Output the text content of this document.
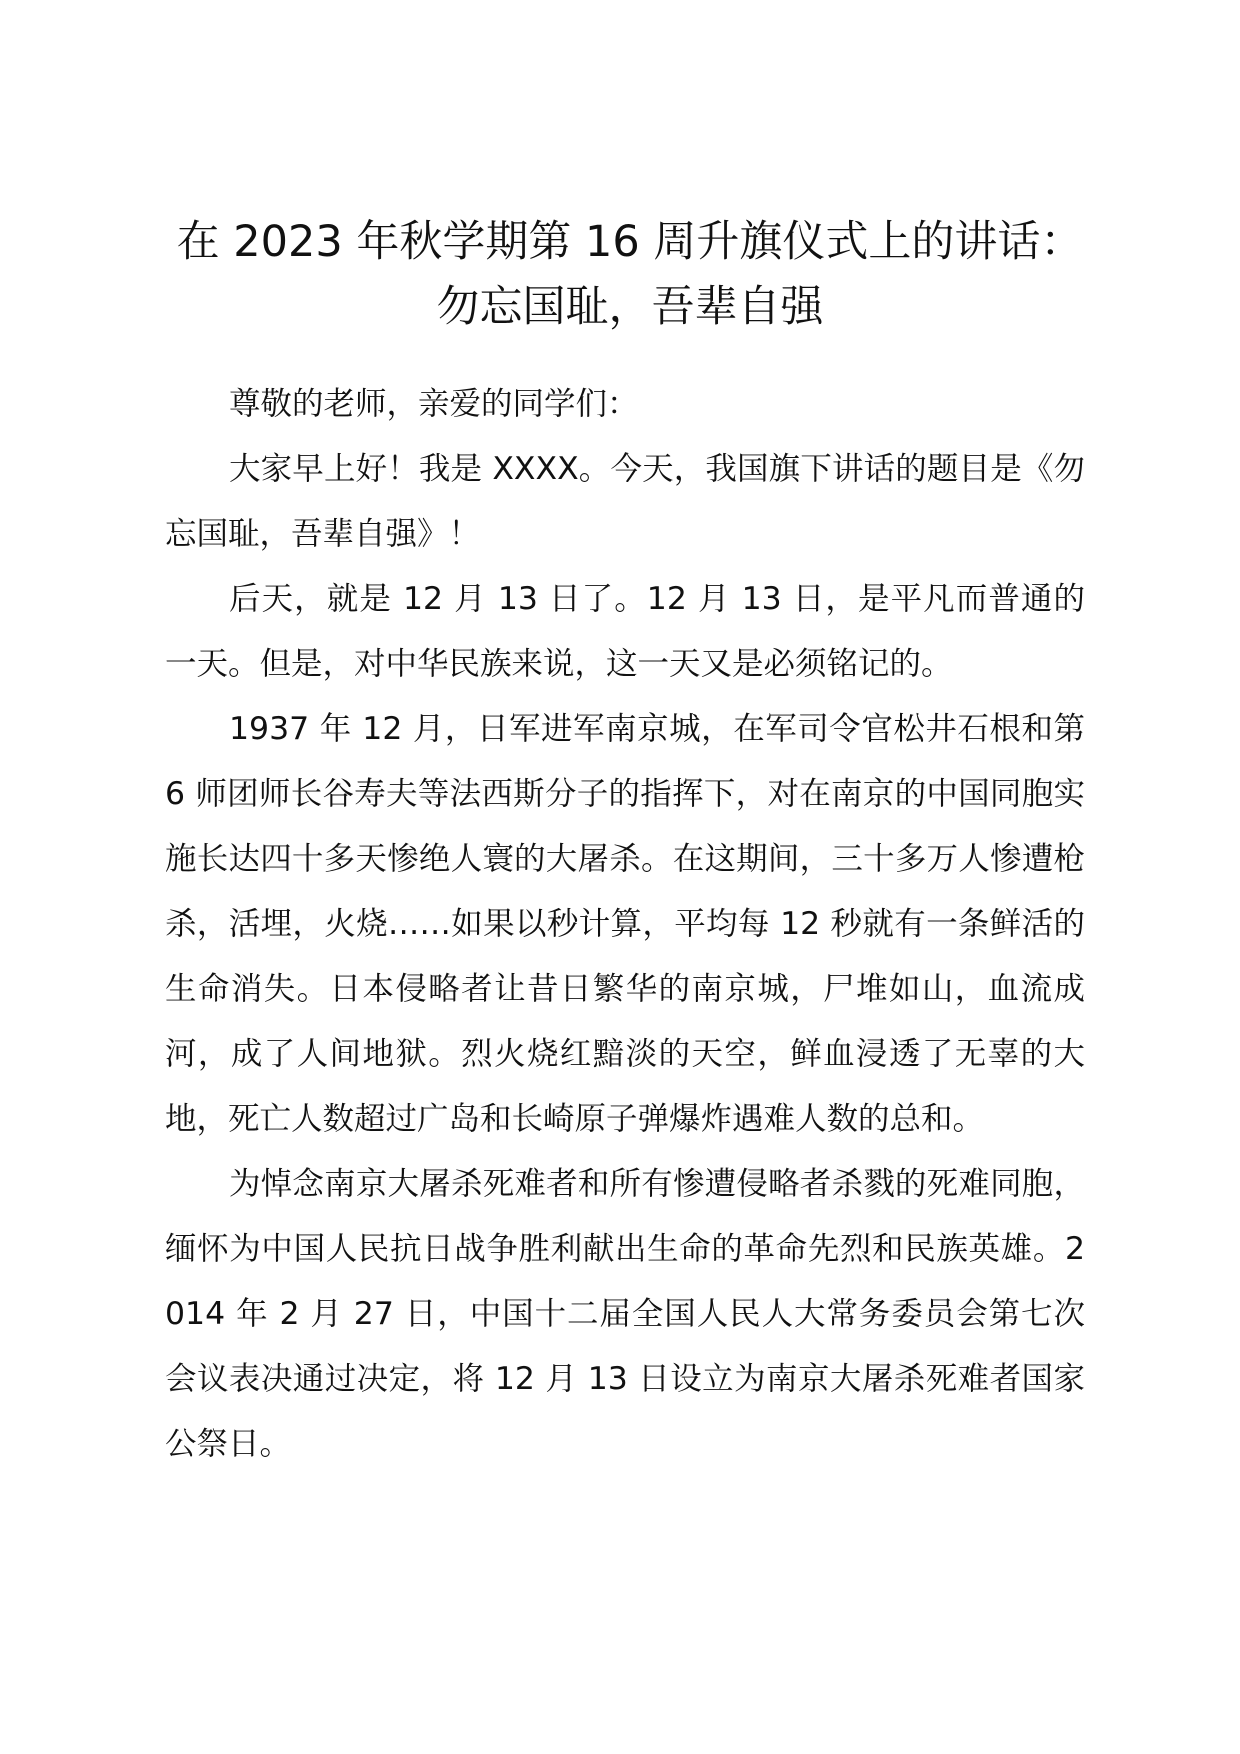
在 2023 年秋学期第 16 周升旗仪式上的讲话：
勿忘国耻，吾辈自强

尊敬的老师，亲爱的同学们：

大家早上好！我是 XXXX。今天，我国旗下讲话的题目是《勿忘国耻，吾辈自强》！

后天，就是 12 月 13 日了。12 月 13 日，是平凡而普通的一天。但是，对中华民族来说，这一天又是必须铭记的。

1937 年 12 月，日军进军南京城，在军司令官松井石根和第 6 师团师长谷寿夫等法西斯分子的指挥下，对在南京的中国同胞实施长达四十多天惨绝人寰的大屠杀。在这期间，三十多万人惨遭枪杀，活埋，火烧……如果以秒计算，平均每 12 秒就有一条鲜活的生命消失。日本侵略者让昔日繁华的南京城，尸堆如山，血流成河，成了人间地狱。烈火烧红黯淡的天空，鲜血浸透了无辜的大地，死亡人数超过广岛和长崎原子弹爆炸遇难人数的总和。

为悼念南京大屠杀死难者和所有惨遭侵略者杀戮的死难同胞，缅怀为中国人民抗日战争胜利献出生命的革命先烈和民族英雄。2014 年 2 月 27 日，中国十二届全国人民人大常务委员会第七次会议表决通过决定，将 12 月 13 日设立为南京大屠杀死难者国家公祭日。
